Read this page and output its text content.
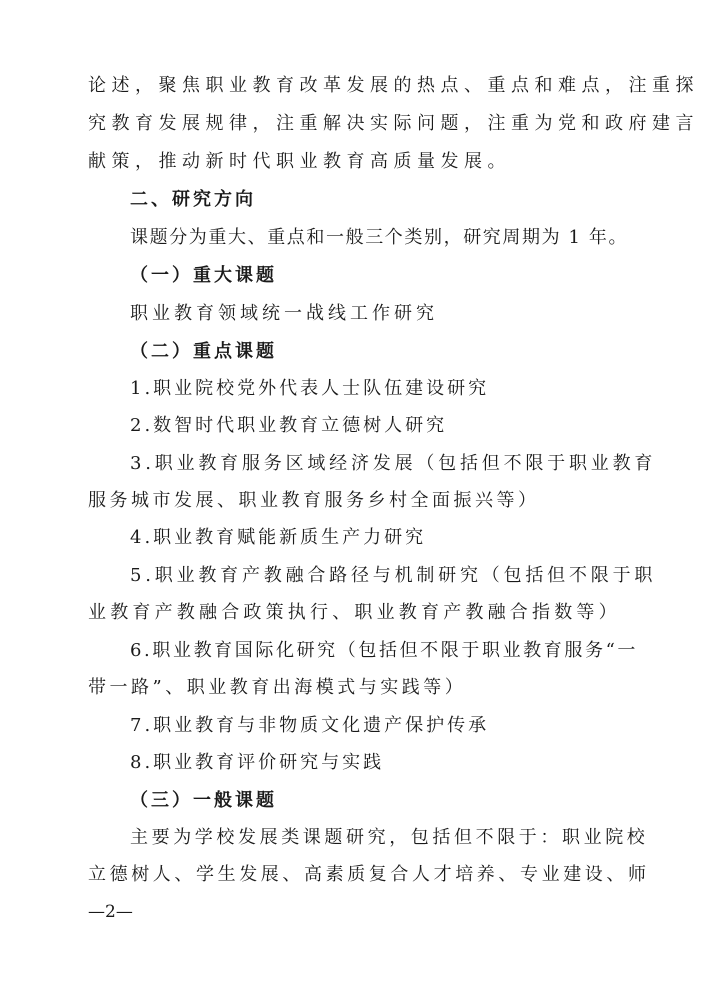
论述，聚焦职业教育改革发展的热点、重点和难点，注重探
究教育发展规律，注重解决实际问题，注重为党和政府建言
献策，推动新时代职业教育高质量发展。
二、研究方向
课题分为重大、重点和一般三个类别，研究周期为 1 年。
（一）重大课题
职业教育领域统一战线工作研究
（二）重点课题
1.职业院校党外代表人士队伍建设研究
2.数智时代职业教育立德树人研究
3.职业教育服务区域经济发展（包括但不限于职业教育
服务城市发展、职业教育服务乡村全面振兴等）
4.职业教育赋能新质生产力研究
5.职业教育产教融合路径与机制研究（包括但不限于职
业教育产教融合政策执行、职业教育产教融合指数等）
6.职业教育国际化研究（包括但不限于职业教育服务“一
带一路”、职业教育出海模式与实践等）
7.职业教育与非物质文化遗产保护传承
8.职业教育评价研究与实践
（三）一般课题
主要为学校发展类课题研究，包括但不限于：职业院校
立德树人、学生发展、高素质复合人才培养、专业建设、师
—2—
